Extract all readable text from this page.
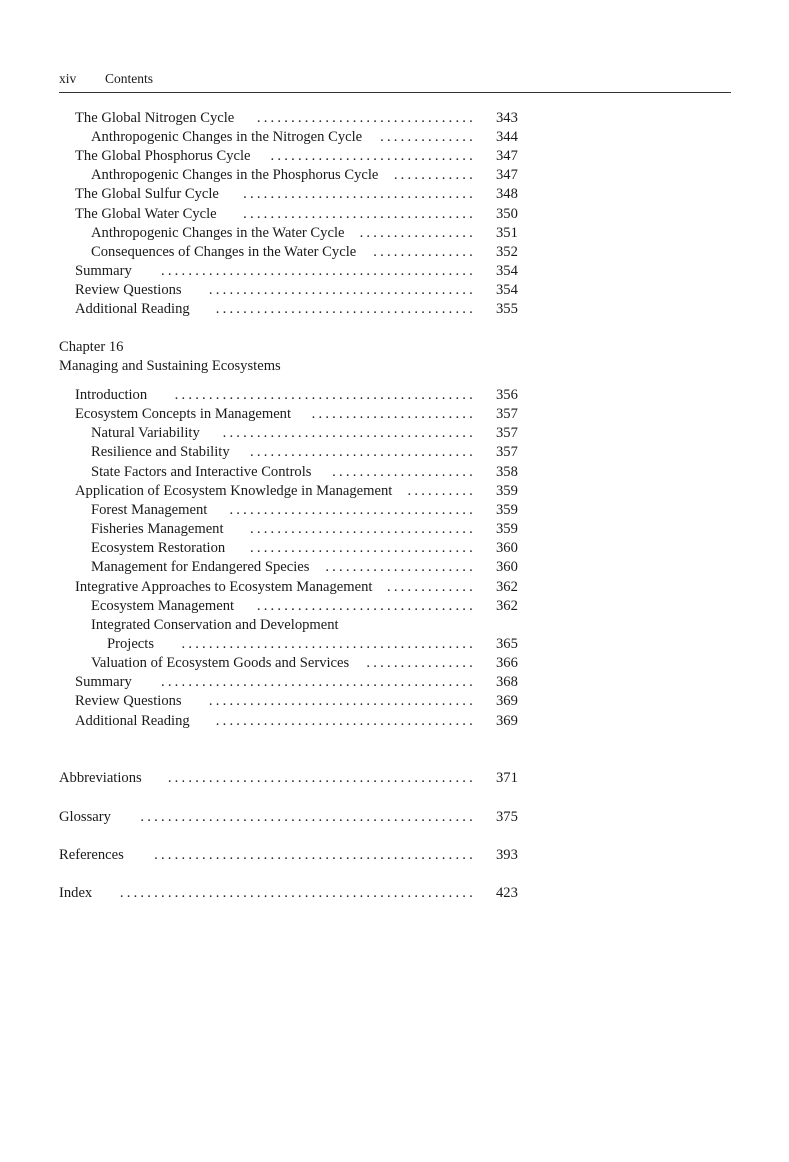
xiv Contents
Chapter 16
Managing and Sustaining Ecosystems
The Global Nitrogen Cycle	................................ 343
Anthropogenic Changes in the Nitrogen Cycle	.............. 344
The Global Phosphorus Cycle	.............................. 347
Anthropogenic Changes in the Phosphorus Cycle	............ 347
The Global Sulfur Cycle	.................................. 348
The Global Water Cycle	.................................. 350
Anthropogenic Changes in the Water Cycle	................. 351
Consequences of Changes in the Water Cycle	............... 352
Summary	.............................................. 354
Review Questions	....................................... 354
Additional Reading	...................................... 355
Introduction	............................................ 356
Ecosystem Concepts in Management	........................ 357
Natural Variability	..................................... 357
Resilience and Stability	................................. 357
State Factors and Interactive Controls	..................... 358
Application of Ecosystem Knowledge in Management	.......... 359
Forest Management	.................................... 359
Fisheries Management	................................. 359
Ecosystem Restoration	................................. 360
Management for Endangered Species	...................... 360
Integrative Approaches to Ecosystem Management ............. 362
Ecosystem Management	................................ 362
Integrated Conservation and Development
Projects	........................................... 365
Valuation of Ecosystem Goods and Services	................ 366
Summary	.............................................. 368
Review Questions	....................................... 369
Additional Reading	...................................... 369
Abbreviations	............................................. 371
Glossary	................................................. 375
References	............................................... 393
Index	.................................................... 423
